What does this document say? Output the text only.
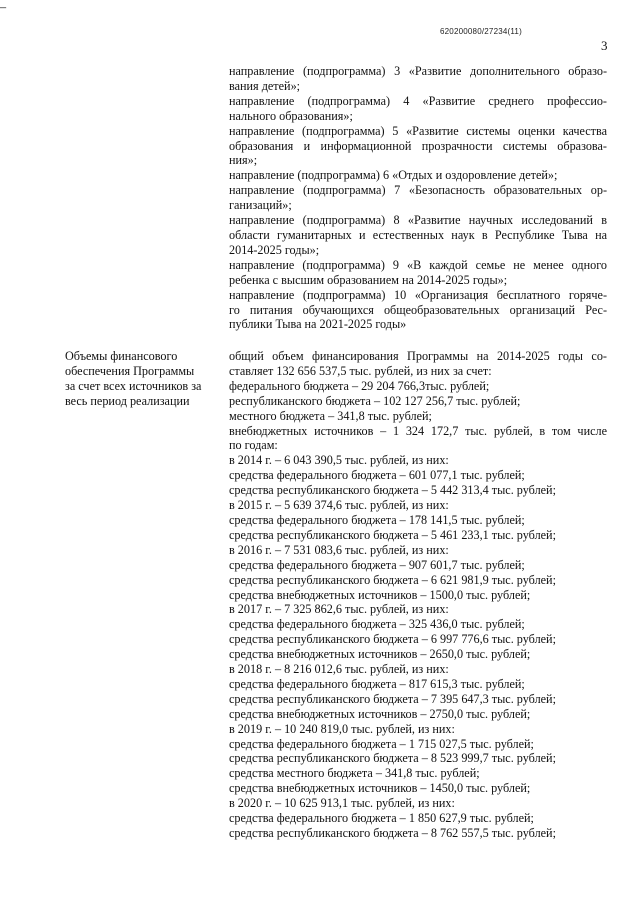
620200080/27234(11)
3
направление (подпрограмма) 3 «Развитие дополнительного образо-
вания детей»;
направление (подпрограмма) 4 «Развитие среднего профессио-
нального образования»;
направление (подпрограмма) 5 «Развитие системы оценки качества
образования и информационной прозрачности системы образова-
ния»;
направление (подпрограмма) 6 «Отдых и оздоровление детей»;
направление (подпрограмма) 7 «Безопасность образовательных ор-
ганизаций»;
направление (подпрограмма) 8 «Развитие научных исследований в
области гуманитарных и естественных наук в Республике Тыва на
2014-2025 годы»;
направление (подпрограмма) 9 «В каждой семье не менее одного
ребенка с высшим образованием на 2014-2025 годы»;
направление (подпрограмма) 10 «Организация бесплатного горяче-
го питания обучающихся общеобразовательных организаций Рес-
публики Тыва на 2021-2025 годы»
Объемы финансового
обеспечения Программы
за счет всех источников за
весь период реализации
–
общий объем финансирования Программы на 2014-2025 годы со-
ставляет 132 656 537,5 тыс. рублей, из них за счет:
федерального бюджета – 29 204 766,3тыс. рублей;
республиканского бюджета – 102 127 256,7 тыс. рублей;
местного бюджета – 341,8 тыс. рублей;
внебюджетных источников – 1 324 172,7 тыс. рублей, в том числе
по годам:
в 2014 г. – 6 043 390,5 тыс. рублей, из них:
средства федерального бюджета – 601 077,1 тыс. рублей;
средства республиканского бюджета – 5 442 313,4 тыс. рублей;
в 2015 г. – 5 639 374,6 тыс. рублей, из них:
средства федерального бюджета – 178 141,5 тыс. рублей;
средства республиканского бюджета – 5 461 233,1 тыс. рублей;
в 2016 г. – 7 531 083,6 тыс. рублей, из них:
средства федерального бюджета – 907 601,7 тыс. рублей;
средства республиканского бюджета – 6 621 981,9 тыс. рублей;
средства внебюджетных источников – 1500,0 тыс. рублей;
в 2017 г. – 7 325 862,6 тыс. рублей, из них:
средства федерального бюджета – 325 436,0 тыс. рублей;
средства республиканского бюджета – 6 997 776,6 тыс. рублей;
средства внебюджетных источников – 2650,0 тыс. рублей;
в 2018 г. – 8 216 012,6 тыс. рублей, из них:
средства федерального бюджета – 817 615,3 тыс. рублей;
средства республиканского бюджета – 7 395 647,3 тыс. рублей;
средства внебюджетных источников – 2750,0 тыс. рублей;
в 2019 г. – 10 240 819,0 тыс. рублей, из них:
средства федерального бюджета – 1 715 027,5 тыс. рублей;
средства республиканского бюджета – 8 523 999,7 тыс. рублей;
средства местного бюджета – 341,8 тыс. рублей;
средства внебюджетных источников – 1450,0 тыс. рублей;
в 2020 г. – 10 625 913,1 тыс. рублей, из них:
средства федерального бюджета – 1 850 627,9 тыс. рублей;
средства республиканского бюджета – 8 762 557,5 тыс. рублей;
